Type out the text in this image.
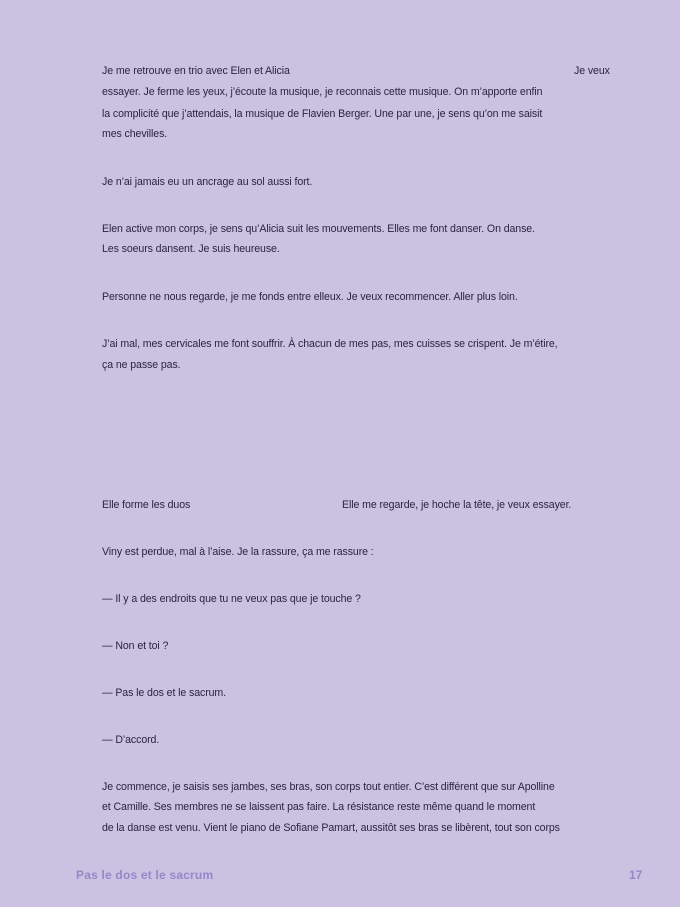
Je me retrouve en trio avec Elen et Alicia	Je veux
essayer. Je ferme les yeux, j’écoute la musique, je reconnais cette musique. On m’apporte enfin
la complicité que j’attendais, la musique de Flavien Berger. Une par une, je sens qu’on me saisit
mes chevilles.
Je n’ai jamais eu un ancrage au sol aussi fort.
Elen active mon corps, je sens qu’Alicia suit les mouvements. Elles me font danser. On danse.
Les soeurs dansent. Je suis heureuse.
Personne ne nous regarde, je me fonds entre elleux. Je veux recommencer. Aller plus loin.
J’ai mal, mes cervicales me font souffrir. À chacun de mes pas, mes cuisses se crispent. Je m’étire,
ça ne passe pas.
Elle forme les duos	Elle me regarde, je hoche la tête, je veux essayer.
Viny est perdue, mal à l’aise. Je la rassure, ça me rassure :
— Il y a des endroits que tu ne veux pas que je touche ?
— Non et toi ?
— Pas le dos et le sacrum.
— D’accord.
Je commence, je saisis ses jambes, ses bras, son corps tout entier. C’est différent que sur Apolline
et Camille. Ses membres ne se laissent pas faire. La résistance reste même quand le moment
de la danse est venu. Vient le piano de Sofiane Pamart, aussitôt ses bras se libèrent, tout son corps
Pas le dos et le sacrum	17
